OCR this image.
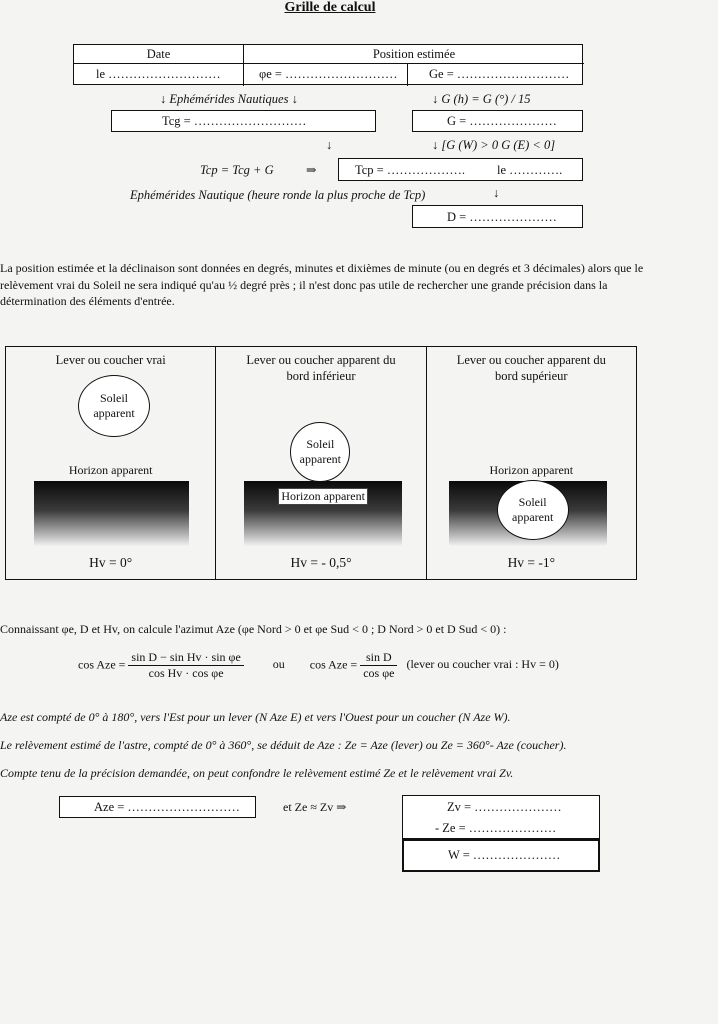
Grille de calcul
Date	Position estimée
le ………………………	φe = ………………………	Ge = ………………………
↓ Ephémérides Nautiques ↓	↓ G (h) = G (°) / 15
Tcg = ………………………	G = …………………
↓	↓ [G (W) > 0 G (E) < 0]
Tcp = Tcg + G	⇒	Tcp = ……………….	le ………….
Ephémérides Nautique (heure ronde la plus proche de Tcp)	↓
D = …………………
La position estimée et la déclinaison sont données en degrés, minutes et dixièmes de minute (ou en degrés et 3 décimales) alors que le relèvement vrai du Soleil ne sera indiqué qu'au ½ degré près ; il n'est donc pas utile de rechercher une grande précision dans la détermination des éléments d'entrée.
Lever ou coucher vrai
Soleil apparent
Horizon apparent
Hv = 0°
Lever ou coucher apparent du bord inférieur
Soleil apparent
Horizon apparent
Hv = - 0,5°
Lever ou coucher apparent du bord supérieur
Horizon apparent
Soleil apparent
Hv = -1°
Connaissant φe, D et Hv, on calcule l'azimut Aze (φe Nord > 0 et φe Sud < 0 ; D Nord > 0 et D Sud < 0) :
cos Aze = $\frac{\text{sin D − sin Hv · sin φe}}{\text{cos Hv · cos φe}}$ ou cos Aze = $\frac{\text{sin D}}{\text{cos φe}}$ (lever ou coucher vrai : Hv = 0)
Aze est compté de 0° à 180°, vers l'Est pour un lever (N Aze E) et vers l'Ouest pour un coucher (N Aze W).
Le relèvement estimé de l'astre, compté de 0° à 360°, se déduit de Aze : Ze = Aze (lever) ou Ze = 360°- Aze (coucher).
Compte tenu de la précision demandée, on peut confondre le relèvement estimé Ze et le relèvement vrai Zv.
Aze = ………………………	et Ze ≈ Zv ⇒	Zv = …………………
- Ze = …………………
W = …………………
